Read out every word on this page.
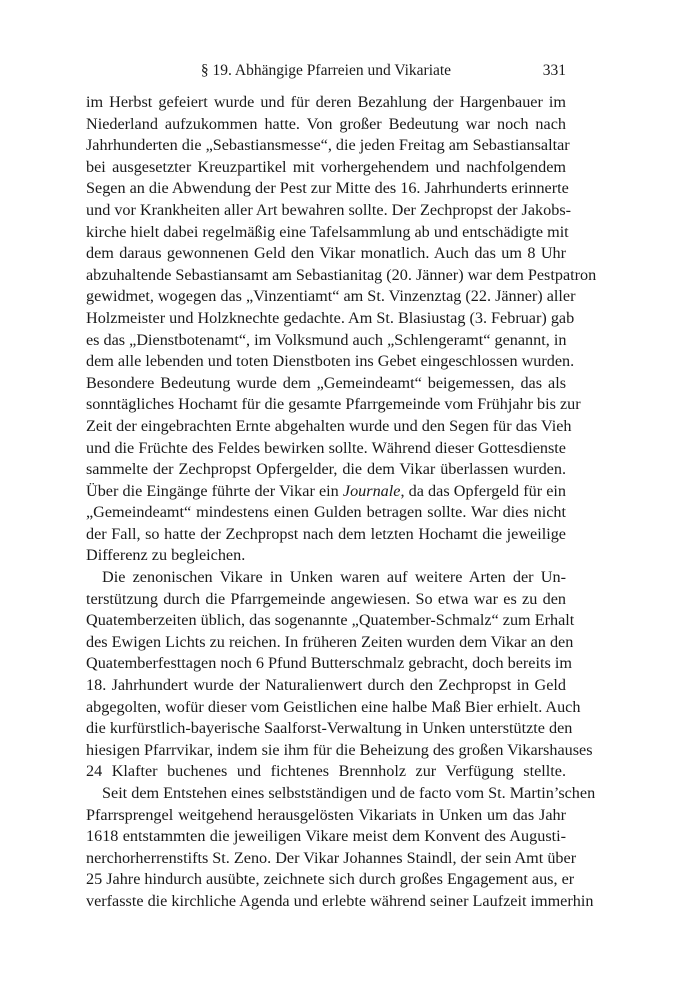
§ 19. Abhängige Pfarreien und Vikariate	331

im Herbst gefeiert wurde und für deren Bezahlung der Hargenbauer im
Niederland aufzukommen hatte. Von großer Bedeutung war noch nach
Jahrhunderten die „Sebastiansmesse“, die jeden Freitag am Sebastiansaltar
bei ausgesetzter Kreuzpartikel mit vorhergehendem und nachfolgendem
Segen an die Abwendung der Pest zur Mitte des 16. Jahrhunderts erinnerte
und vor Krankheiten aller Art bewahren sollte. Der Zechpropst der Jakobs-
kirche hielt dabei regelmäßig eine Tafelsammlung ab und entschädigte mit
dem daraus gewonnenen Geld den Vikar monatlich. Auch das um 8 Uhr
abzuhaltende Sebastiansamt am Sebastianitag (20. Jänner) war dem Pestpatron
gewidmet, wogegen das „Vinzentiamt“ am St. Vinzenztag (22. Jänner) aller
Holzmeister und Holzknechte gedachte. Am St. Blasiustag (3. Februar) gab
es das „Dienstbotenamt“, im Volksmund auch „Schlengeramt“ genannt, in
dem alle lebenden und toten Dienstboten ins Gebet eingeschlossen wurden.
Besondere Bedeutung wurde dem „Gemeindeamt“ beigemessen, das als
sonntägliches Hochamt für die gesamte Pfarrgemeinde vom Frühjahr bis zur
Zeit der eingebrachten Ernte abgehalten wurde und den Segen für das Vieh
und die Früchte des Feldes bewirken sollte. Während dieser Gottesdienste
sammelte der Zechpropst Opfergelder, die dem Vikar überlassen wurden.
Über die Eingänge führte der Vikar ein Journale, da das Opfergeld für ein
„Gemeindeamt“ mindestens einen Gulden betragen sollte. War dies nicht
der Fall, so hatte der Zechpropst nach dem letzten Hochamt die jeweilige
Differenz zu begleichen.

Die zenonischen Vikare in Unken waren auf weitere Arten der Un-
terstützung durch die Pfarrgemeinde angewiesen. So etwa war es zu den
Quatemberzeiten üblich, das sogenannte „Quatember-Schmalz“ zum Erhalt
des Ewigen Lichts zu reichen. In früheren Zeiten wurden dem Vikar an den
Quatemberfesttagen noch 6 Pfund Butterschmalz gebracht, doch bereits im
18. Jahrhundert wurde der Naturalienwert durch den Zechpropst in Geld
abgegolten, wofür dieser vom Geistlichen eine halbe Maß Bier erhielt. Auch
die kurfürstlich-bayerische Saalforst-Verwaltung in Unken unterstützte den
hiesigen Pfarrvikar, indem sie ihm für die Beheizung des großen Vikarshauses
24 Klafter buchenes und fichtenes Brennholz zur Verfügung stellte.

Seit dem Entstehen eines selbstständigen und de facto vom St. Martin’schen
Pfarrsprengel weitgehend herausgelösten Vikariats in Unken um das Jahr
1618 entstammten die jeweiligen Vikare meist dem Konvent des Augusti-
nerchorherrenstifts St. Zeno. Der Vikar Johannes Staindl, der sein Amt über
25 Jahre hindurch ausübte, zeichnete sich durch großes Engagement aus, er
verfasste die kirchliche Agenda und erlebte während seiner Laufzeit immerhin
